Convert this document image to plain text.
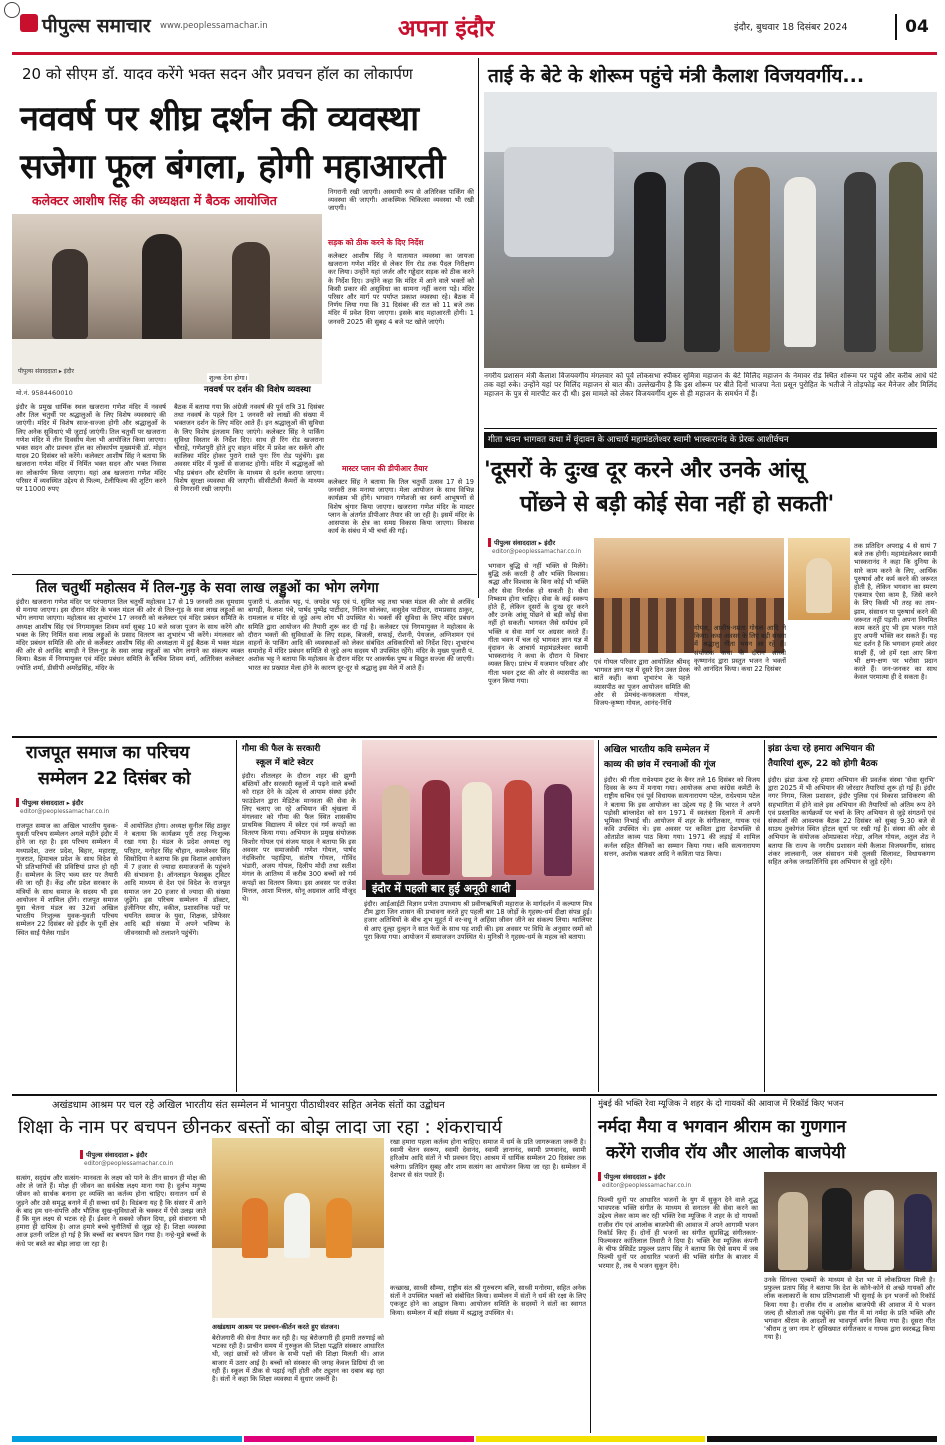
पीपुल्स समाचार www.peoplessamachar.in	अपना इंदौर	इंदौर, बुधवार 18 दिसंबर 2024	04
20 को सीएम डॉ. यादव करेंगे भक्त सदन और प्रवचन हॉल का लोकार्पण
नववर्ष पर शीघ्र दर्शन की व्यवस्था
सजेगा फूल बंगला, होगी महाआरती
कलेक्टर आशीष सिंह की अध्यक्षता में बैठक आयोजित
पीपुल्स संवाददाता ▸ इंदौर
मो.नं. 9584460010
शुल्क देना होगा।
नववर्ष पर दर्शन की विशेष व्यवस्था
इंदौर के प्रमुख धार्मिक स्थल खजराना गणेश मंदिर में नववर्ष और तिल चतुर्थी पर श्रद्धालुओं के लिए विशेष व्यवस्थाएं की जाएंगी। मंदिर में विशेष साज-सज्जा होगी और श्रद्धालुओं के लिए अनेक सुविधाएं भी जुटाई जाएंगी। तिल चतुर्थी पर खजराना गणेश मंदिर में तीन दिवसीय मेला भी आयोजित किया जाएगा। भक्त सदन और प्रवचन हॉल का लोकार्पण मुख्यमंत्री डॉ. मोहन यादव 20 दिसंबर को करेंगे। कलेक्टर आशीष सिंह ने बताया कि खजराना गणेश मंदिर में निर्मित भक्त सदन और भक्त निवास का लोकार्पण किया जाएगा। यहां अब खजराना गणेश मंदिर परिसर में व्यवस्थित उद्देश्य से फिल्म, टेलीफिल्म की शूटिंग करने पर 11000 रुपए
बैठक में बताया गया कि अंग्रेजी नववर्ष की पूर्व रात्रि 31 दिसंबर तथा नववर्ष के पहले दिन 1 जनवरी को लाखों की संख्या में भक्तजन दर्शन के लिए मंदिर आते हैं। इन श्रद्धालुओं की सुविधा के लिए विशेष इंतजाम किए जाएंगे। कलेक्टर सिंह ने पार्किंग सुविधा विस्तार के निर्देश दिए। साथ ही रिंग रोड खजराना चौराहे, गणेशपुरी होते हुए वाहन मंदिर में प्रवेश कर सकेंगे और कालिका मंदिर होकर पुराने रास्ते पुनः रिंग रोड पहुंचेंगे। इस अवसर मंदिर में फूलों से सजावट होगी। मंदिर में श्रद्धालुओं को भीड़ प्रबंधन और स्टेयरिंग के माध्यम से दर्शन कराया जाएगा। विशेष सुरक्षा व्यवस्था की जाएगी। सीसीटीवी कैमरों के माध्यम से निगरानी रखी जाएगी।
निगरानी रखी जाएगी। अस्थायी रूप से अतिरिक्त पार्किंग की व्यवस्था की जाएगी। आकस्मिक चिकित्सा व्यवस्था भी रखी जाएगी।
सड़क को ठीक करने के दिए निर्देश
कलेक्टर आशीष सिंह ने यातायात व्यवस्था का जायजा खजराना गणेश मंदिर से लेकर रिंग रोड तक पैदल निरीक्षण कर लिया। उन्होंने यहां जर्जर और गड्ढेदार सड़क को ठीक करने के निर्देश दिए। उन्होंने कहा कि मंदिर में आने वाले भक्तों को किसी प्रकार की असुविधा का सामना नहीं करना पड़े। मंदिर परिसर और मार्ग पर पर्याप्त प्रकाश व्यवस्था रहे। बैठक में निर्णय लिया गया कि 31 दिसंबर की रात को 11 बजे तक मंदिर में प्रवेश दिया जाएगा। इसके बाद महाआरती होगी। 1 जनवरी 2025 की सुबह 4 बजे पट खोले जाएंगे।
मास्टर प्लान की डीपीआर तैयार
कलेक्टर सिंह ने बताया कि तिल चतुर्थी उत्सव 17 से 19 जनवरी तक मनाया जाएगा। मेला आयोजन के साथ विभिन्न कार्यक्रम भी होंगे। भगवान गणेशजी का स्वर्ण आभूषणों से विशेष श्रृंगार किया जाएगा। खजराना गणेश मंदिर के मास्टर प्लान के अंतर्गत डीपीआर तैयार की जा रही है। इसमें मंदिर के आसपास के क्षेत्र का समग्र विकास किया जाएगा। विकास कार्य के संबंध में भी चर्चा की गई।
ताई के बेटे के शोरूम पहुंचे मंत्री कैलाश विजयवर्गीय...
नगरीय प्रशासन मंत्री कैलाश विजयवर्गीय मंगलवार को पूर्व लोकसभा स्पीकर सुमित्रा महाजन के बेटे मिलिंद महाजन के नेमावर रोड स्थित शोरूम पर पहुंचे और करीब आधे घंटे तक वहां रुके। उन्होंने यहां पर मिलिंद महाजन से बात की। उल्लेखनीय है कि इस शोरूम पर बीते दिनों भाजपा नेता प्रसून पुरोहित के भतीजे ने तोड़फोड़ कर मैनेजर और मिलिंद महाजन के पुत्र से मारपीट कर दी थी। इस मामले को लेकर विजयवर्गीय शुरू से ही महाजन के समर्थन में हैं।
गीता भवन भागवत कथा में वृंदावन के आचार्य महामंडलेश्वर स्वामी भास्करानंद के प्रेरक आशीर्वचन
'दूसरों के दुःख दूर करने और उनके आंसू
पोंछने से बड़ी कोई सेवा नहीं हो सकती'
पीपुल्स संवाददाता ▸ इंदौर
editor@peoplessamachar.co.in
भगवान बुद्धि से नहीं भक्ति से मिलेंगे। बुद्धि तर्क करती है और भक्ति विश्वास। श्रद्धा और विश्वास के बिना कोई भी भक्ति और सेवा निरर्थक हो सकती है। सेवा निष्काम होना चाहिए। सेवा के कई स्वरूप होते हैं, लेकिन दूसरों के दुःख दूर करने और उनके आंसू पोंछने से बड़ी कोई सेवा नहीं हो सकती। भागवत जैसे धर्मग्रंथ हमें भक्ति व सेवा मार्ग पर अग्रसर करते हैं। गीता भवन में चल रहे भागवत ज्ञान यज्ञ में वृंदावन के आचार्य महामंडलेश्वर स्वामी भास्करानंद ने कथा के दौरान ये विचार व्यक्त किए। प्रारंभ में यजमान परिवार और गीता भवन ट्रस्ट की ओर से व्यासपीठ का पूजन किया गया।
एवं गोयल परिवार द्वारा आयोजित श्रीमद् भागवत ज्ञान यज्ञ में दूसरे दिन उक्त प्रेरक बातें कहीं। कथा शुभारंभ के पहले व्यासपीठ का पूजन आयोजन समिति की ओर से प्रेमचंद-कनकलता गोयल, विजय-कृष्णा गोयल, आनंद-निधि
गोयल, आशीष-नम्रता गोयल आदि ने किया। कथा अवसर के लिए बड़ी संख्या में श्रद्धालु गीता भवन आ रहे हैं। संयोजक कथा के दौरान साध्वी कृष्णानंद द्वारा प्रस्तुत भजन ने भक्तों को आनंदित किया। कथा 22 दिसंबर
तक प्रतिदिन अपराह्न 4 से सायं 7 बजे तक होगी। महामंडलेश्वर स्वामी भास्करानंद ने कहा कि दुनिया के सारे काम करने के लिए, आर्थिक पुरुषार्थ और कर्म करने की जरूरत होती है, लेकिन भगवान का स्मरण एकमात्र ऐसा काम है, जिसे करने के लिए किसी भी तरह का ताम-झाम, संसाधन या पुरुषार्थ करने की जरूरत नहीं पड़ती। अपना नियमित काम करते हुए भी हम भजन गाते हुए अपनी भक्ति कर सकते हैं। यह घट दर्शन है कि भगवान हमारे अंदर साक्षी हैं, जो हमें रक्षा आए बिना भी क्षण-क्षण पर भरोसा प्रदान करते हैं। जन-जनकर का साथ केवल परमात्मा ही दे सकता है।
तिल चतुर्थी महोत्सव में तिल-गुड़ के सवा लाख लड्डुओं का भोग लगेगा
इंदौर। खजराना गणेश मंदिर पर परंपरागत तिल चतुर्थी महोत्सव 17 से 19 जनवरी तक धूमधाम से मनाया जाएगा। इस दौरान मंदिर के भक्त मंडल की ओर से तिल-गुड़ के सवा लाख लड्डुओं का भोग लगाया जाएगा। महोत्सव का शुभारंभ 17 जनवरी को कलेक्टर एवं मंदिर प्रबंधन समिति के अध्यक्ष आशीष सिंह एवं निगमायुक्त शिवम वर्मा सुबह 10 बजे ध्वजा पूजन के साथ करेंगे और भक्त के लिए निर्मित सवा लाख लड्डुओं के प्रसाद वितरण का शुभारंभ भी करेंगे। मंगलवार को मंदिर प्रबंधन समिति की ओर से कलेक्टर आशीष सिंह की अध्यक्षता में हुई बैठक में भक्त मंडल की ओर से अरविंद बागड़ी ने तिल-गुड़ के सवा लाख लड्डुओं का भोग लगाने का संकल्प व्यक्त किया। बैठक में निगमायुक्त एवं मंदिर प्रबंधन समिति के सचिव शिवम वर्मा, अतिरिक्त कलेक्टर ज्योति शर्मा, डीसीपी अमरेंद्रसिंह, मंदिर के
पुजारी पं. अशोक भट्ट, पं. जयदेव भट्ट एवं पं. सुमित भट्ट तथा भक्त मंडल की ओर से अरविंद बागड़ी, कैलाश पंचे, पार्षद पुष्पेंद्र पाटीदार, नितिन सोलंका, वासुदेव पाटीदार, रामप्रसाद ठाकुर, रामलाल व मंदिर से जुड़े अन्य लोग भी उपस्थित थे। भक्तों की सुविधा के लिए मंदिर प्रबंधन समिति द्वारा आयोजन की तैयारी शुरू कर दी गई है। कलेक्टर एवं निगमायुक्त ने महोत्सव के दौरान भक्तों की सुविधाओं के लिए सड़क, बिजली, सफाई, रोशनी, पेयजल, अग्निशमन एवं वाहनों के पार्किंग आदि की व्यवस्थाओं को लेकर संबंधित अधिकारियों को निर्देश दिए। शुभारंभ समारोह में मंदिर प्रबंधन समिति से जुड़े अन्य सदस्य भी उपस्थित रहेंगे। मंदिर के मुख्य पुजारी पं. अशोक भट्ट ने बताया कि महोत्सव के दौरान मंदिर पर आकर्षक पुष्प व विद्युत सज्जा की जाएगी। भारत का प्रख्यात मेला होने के कारण दूर-दूर से श्रद्धालु इस मेले में आते हैं।
राजपूत समाज का परिचय
सम्मेलन 22 दिसंबर को
पीपुल्स संवाददाता ▸ इंदौर
editor@peoplessamachar.co.in
राजपूत समाज का अखिल भारतीय युवक-युवती परिचय सम्मेलन अगले महीने इंदौर में होने जा रहा है। इस परिचय सम्मेलन में मध्यप्रदेश, उत्तर प्रदेश, बिहार, महाराष्ट्र, गुजरात, हिमाचल प्रदेश के साथ विदेश से भी प्रतिभागियों की प्रविष्टियां प्राप्त हो रही हैं। सम्मेलन के लिए भव्य स्तर पर तैयारी की जा रही है। केंद्र और प्रदेश सरकार के मंत्रियों के साथ समाज के सदस्य भी इस आयोजन में शामिल होंगे। राजपूत समाज युवा चेतना मंडल का 32वां अखिल भारतीय निःशुल्क युवक-युवती परिचय सम्मेलन 22 दिसंबर को इंदौर के पूर्वी क्षेत्र स्थित साईं पैलेस गार्डन
में आयोजित होगा। अध्यक्ष सुनील सिंह ठाकुर ने बताया कि कार्यक्रम पूरी तरह निःशुल्क रखा गया है। मंडल के प्रदेश अध्यक्ष रघु परिहार, मनोहर सिंह चौहान, कमलेश्वर सिंह सिसोदिया ने बताया कि इस विशाल आयोजन में 7 हजार से ज्यादा समाजजनों के पहुंचने की संभावना है। ऑनलाइन फेसबुक ट्विटर आदि माध्यम से देश एवं विदेश के राजपूत समाज जन 20 हजार से ज्यादा की संख्या जुड़ेंगे। इस परिचय सम्मेलन में डॉक्टर, इंजीनियर सीए, वकील, प्रशासनिक पदों पर चयनित समाज के युवा, शिक्षक, प्रोफेसर आदि बड़ी संख्या में अपने भविष्य के जीवनसाथी को तलाशने पहुंचेंगे।
गौमा की फैल के सरकारी
स्कूल में बांटे स्वेटर
इंदौर। शीतलहर के दौरान शहर की झुग्गी बस्तियों और सरकारी स्कूलों में पढ़ने वाले बच्चों को राहत देने के उद्देश्य से आयाम संस्था इंदौर फाउंडेशन द्वारा मेडिटेक मानवता की सेवा के लिए चलाए जा रहे अभियान की श्रृंखला में मंगलवार को गौमा की फैल स्थित शासकीय प्राथमिक विद्यालय में स्वेटर एवं गर्म कपड़ों का वितरण किया गया। अभियान के प्रमुख संयोजक किशोर गोयल एवं संजय यादव ने बताया कि इस अवसर पर समाजसेवी गणेश गोयल, पार्षद नंदकिशोर पहाड़िया, संतोष गोयल, गोविंद भंडारी, अजय गोयल, दिलीप मोदी तथा सतीश मंगल के आतिथ्य में करीब 300 बच्चों को गर्म कपड़ों का वितरण किया। इस अवसर पर राजेश मित्तल, आशा मित्तल, सोनू अग्रवाल आदि मौजूद थे।
इंदौर में पहली बार हुई अनूठी शादी
इंदौर। आईआईटी विज्ञान प्रणेता उपाध्याय श्री प्रवीणऋषिजी महाराज के मार्गदर्शन में कल्याण मित्र टीम द्वारा जिन शासन की प्रभावना करते हुए पहली बार 18 जोड़ों के गृहस्थ-धर्म दीक्षा संपन्न हुई। हजार अतिथियों के बीच शुभ मुहूर्त में वर-वधू ने अहिंसा जीवन जीने का संकल्प लिया। ग्वालियर से आए दूल्हा दुल्हन ने सात फेरों के साथ यह शादी की। इस अवसर पर विधि के अनुसार रस्मों को पूरा किया गया। आयोजन में समाजजन उपस्थित थे। मुनिश्री ने गृहस्थ-धर्म के महत्व को बताया।
अखिल भारतीय कवि सम्मेलन में
काव्य की छांव में रचनाओं की गूंज
इंदौर। श्री गीता राधेश्याम ट्रस्ट के बैनर तले 16 दिसंबर को विजय दिवस के रूप में मनाया गया। आयोजक अभा कांग्रेस कमेटी के राष्ट्रीय सचिव एवं पूर्व विधायक सत्यनारायण पटेल, राधेश्याम पटेल ने बताया कि इस आयोजन का उद्देश्य यह है कि भारत ने अपने पड़ोसी बांग्लादेश को सन 1971 में स्वतंत्रता दिलाने में अपनी भूमिका निभाई थी। आयोजन में शहर के संगीतकार, गायक एवं कवि उपस्थित थे। इस अवसर पर कविता द्वारा देशभक्ति से ओतप्रोत काव्य पाठ किया गया। 1971 की लड़ाई में शामिल कर्नल सहित सैनिकों का सम्मान किया गया। कवि सत्यनारायण सत्तन, अशोक चक्रधर आदि ने कविता पाठ किया।
झंडा ऊंचा रहे हमारा अभियान की
तैयारियां शुरू, 22 को होगी बैठक
इंदौर। झंडा ऊंचा रहे हमारा अभियान की प्रवर्तक संस्था 'सेवा सुरभि' द्वारा 2025 में भी अभियान की जोरदार तैयारियां शुरू हो गई हैं। इंदौर नगर निगम, जिला प्रशासन, इंदौर पुलिस एवं विकास प्राधिकरण की सहभागिता में होने वाले इस अभियान की तैयारियों को अंतिम रूप देने एवं प्रस्तावित कार्यक्रमों पर चर्चा के लिए अभियान से जुड़े संगठनों एवं संस्थाओं की आवश्यक बैठक 22 दिसंबर को सुबह 9.30 बजे से साउथ तुकोगंज स्थित होटल सूर्या पर रखी गई है। संस्था की ओर से अभियान के संयोजक ओमप्रकाश नरेड़ा, अनिल गोयल, अतुल शेठ ने बताया कि राज्य के नगरीय प्रशासन मंत्री कैलाश विजयवर्गीय, सांसद शंकर लालवानी, जल संसाधन मंत्री तुलसी सिलावट, विधायकगण सहित अनेक जनप्रतिनिधि इस अभियान से जुड़े रहेंगे।
अखंडधाम आश्रम पर चल रहे अखिल भारतीय संत सम्मेलन में भानपुरा पीठाधीश्वर सहित अनेक संतों का उद्बोधन
शिक्षा के नाम पर बचपन छीनकर बस्तों का बोझ लादा जा रहा : शंकराचार्य
पीपुल्स संवाददाता ▸ इंदौर
editor@peoplessamachar.co.in
सत्संग, सद्ग्रंथ और सत्संग- मानवता के लक्ष्य को पाने के तीन साधन ही मोक्ष की ओर ले जाते हैं। मोक्ष ही जीवन का सर्वश्रेष्ठ लक्ष्य माना गया है। दुर्लभ मनुष्य जीवन को सार्थक बनाना हर व्यक्ति का कर्तव्य होना चाहिए। सनातन धर्म से जुड़ने और उसे समृद्ध बनाने में ही सच्चा धर्म है। विडंबना यह है कि संसार में आने के बाद हम धन-संपत्ति और भौतिक सुख-सुविधाओं के चक्कर में ऐसे उलझ जाते हैं कि मूल लक्ष्य से भटक रहे हैं। ईश्वर ने सबको जीवन दिया, इसे संवारना भी हमारा ही दायित्व है। आज हमारे बच्चे चुनौतियों से जूझ रहे हैं। शिक्षा व्यवस्था आज इतनी जटिल हो गई है कि बच्चों का बचपन छिन गया है। नन्हे-मुन्ने बच्चों के कंधे पर बस्ते का बोझ लादा जा रहा है।
अखंडधाम आश्रम पर प्रवचन-कीर्तन करते हुए संतजन।
बेरोजगारी की सेना तैयार कर रही है। यह बेरोजगारी ही हमारी तरुणाई को भटका रही है। प्राचीन समय में गुरुकुल की शिक्षा पद्धति संस्कार आधारित थी, जहां छात्रों को जीवन के सभी पक्षों की शिक्षा मिलती थी। आज बाजार में उतार आई है। बच्चों को संस्कार की जगह केवल डिग्रियां दी जा रही हैं। स्कूल में ठीक से पढ़ाई नहीं होती और ट्यूशन का दबाव बढ़ रहा है। संतों ने कहा कि शिक्षा व्यवस्था में सुधार जरूरी है।
रखा हमारा पहला कर्तव्य होना चाहिए। समाज में धर्म के प्रति जागरूकता जरूरी है। स्वामी चेतन स्वरूप, स्वामी देवानंद, स्वामी ज्ञानानंद, स्वामी प्रणवानंद, स्वामी हरिओम आदि संतों ने भी प्रवचन दिए। आश्रम में धार्मिक सम्मेलन 20 दिसंबर तक चलेगा। प्रतिदिन सुबह और शाम सत्संग का आयोजन किया जा रहा है। सम्मेलन में देशभर से संत पधारे हैं।
कच्छाख, साध्वी सौम्या, राष्ट्रीय संत श्री गुरुचरण बलि, साध्वी मनोरमा, सहित अनेक संतों ने उपस्थित भक्तों को संबोधित किया। सम्मेलन में संतों ने धर्म की रक्षा के लिए एकजुट होने का आह्वान किया। आयोजन समिति के सदस्यों ने संतों का स्वागत किया। सम्मेलन में बड़ी संख्या में श्रद्धालु उपस्थित थे।
मुंबई की भक्ति रेवा म्यूजिक ने शहर के दो गायकों की आवाज में रिकॉर्ड किए भजन
नर्मदा मैया व भगवान श्रीराम का गुणगान
करेंगे राजीव रॉय और आलोक बाजपेयी
पीपुल्स संवाददाता ▸ इंदौर
editor@peoplessamachar.co.in
फिल्मी धुनों पर आधारित भजनों के युग में सुकून देने वाले शुद्ध भावपरक भक्ति संगीत के माध्यम से सनातन की सेवा करने का उद्देश्य लेकर काम कर रही भक्ति रेवा म्यूजिक ने शहर के दो गायकों राजीव रॉय एवं आलोक बाजपेयी की आवाज में अपने आगामी भजन रिकॉर्ड किए हैं। दोनों ही भजनों का संगीत सुप्रसिद्ध संगीतकार-फिल्मकार कांतिलाल तिवारी ने दिया है। भक्ति रेवा म्यूजिक कंपनी के चीफ प्रेसिडेंट प्रफुल्ल प्रताप सिंह ने बताया कि ऐसे समय में जब फिल्मी धुनों पर आधारित भजनों की भक्ति संगीत के बाजार में भरमार है, तब ये भजन सुकून देंगे।
उनके सिंगल्स एल्बमों के माध्यम से देश भर में लोकप्रियता मिली है। प्रफुल्ल प्रताप सिंह ने बताया कि देश के कोने-कोने से अच्छे गायकों और लोक कलाकारों के साथ प्रतिभाशाली भी सुनाई के इन भजनों को रिकॉर्ड किया गया है। राजीव रॉय व आलोक बाजपेयी की आवाज में ये भजन जल्द ही श्रोताओं तक पहुंचेंगे। इस गीत में मां नर्मदा के प्रति भक्ति और भगवान श्रीराम के आदर्शों का भावपूर्ण वर्णन किया गया है। दूसरा गीत 'श्रीराम तु जग नाम रे' सुविख्यात संगीतकार व गायक द्वारा स्वरबद्ध किया गया है।
